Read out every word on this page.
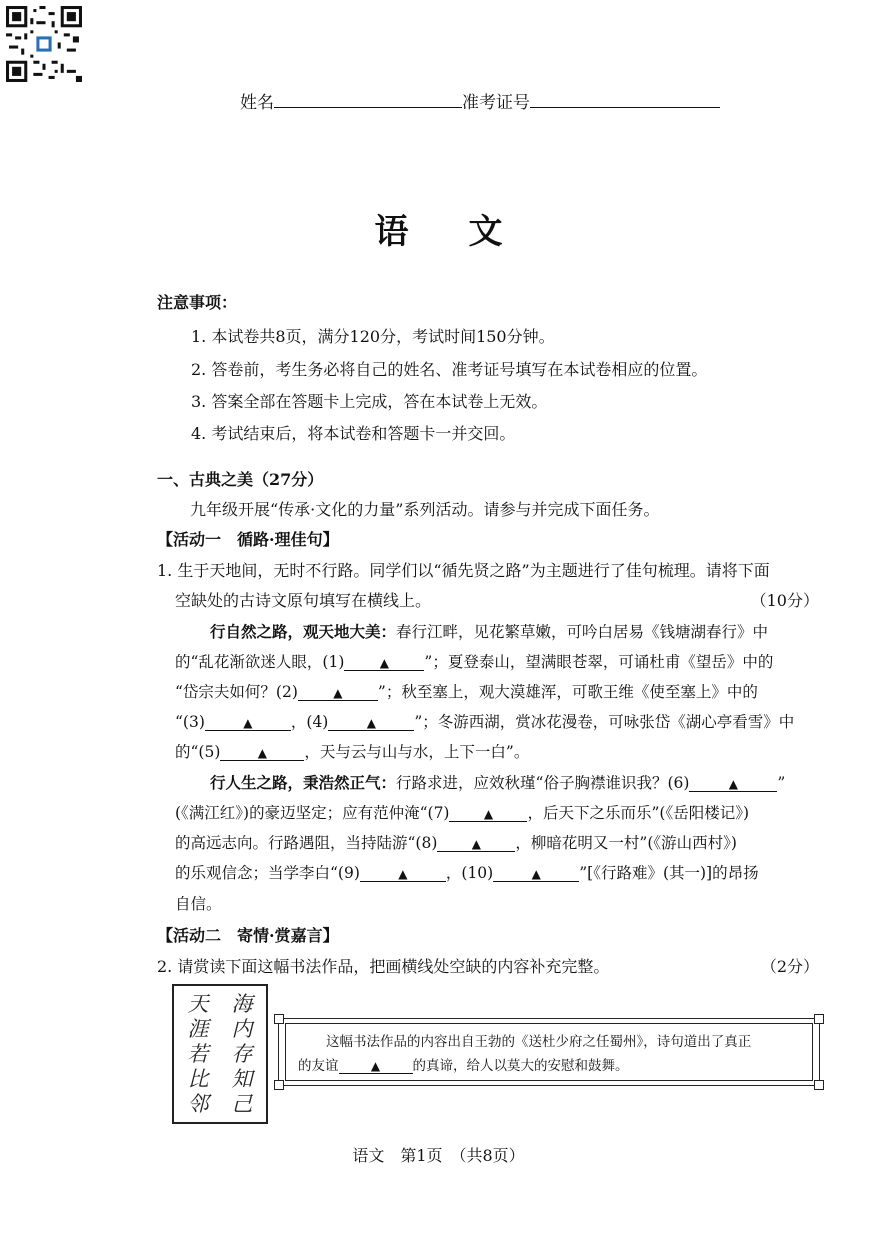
姓名	准考证号
语文
注意事项：
1. 本试卷共8页，满分120分，考试时间150分钟。
2. 答卷前，考生务必将自己的姓名、准考证号填写在本试卷相应的位置。
3. 答案全部在答题卡上完成，答在本试卷上无效。
4. 考试结束后，将本试卷和答题卡一并交回。
一、古典之美（27分）
九年级开展“传承·文化的力量”系列活动。请参与并完成下面任务。
【活动一　循路·理佳句】
1. 生于天地间，无时不行路。同学们以“循先贤之路”为主题进行了佳句梳理。请将下面
空缺处的古诗文原句填写在横线上。	（10分）
行自然之路，观天地大美：春行江畔，见花繁草嫩，可吟白居易《钱塘湖春行》中
的“乱花渐欲迷人眼，(1)	▲ ”；夏登泰山，望满眼苍翠，可诵杜甫《望岳》中的
“岱宗夫如何？(2)	▲ ”；秋至塞上，观大漠雄浑，可歌王维《使至塞上》中的
“(3)	▲ ，(4)	▲ ”；冬游西湖，赏冰花漫卷，可咏张岱《湖心亭看雪》中
的“(5)	▲ ，天与云与山与水，上下一白”。
行人生之路，秉浩然正气：行路求进，应效秋瑾“俗子胸襟谁识我？(6)	▲	”
(《满江红》)的豪迈坚定；应有范仲淹“(7)	▲ ，后天下之乐而乐”(《岳阳楼记》)
的高远志向。行路遇阻，当持陆游“(8)	▲ ，柳暗花明又一村”(《游山西村》)
的乐观信念；当学李白“(9)	▲ ，(10)	▲ ”[《行路难》(其一)]的昂扬
自信。
【活动二　寄情·赏嘉言】
2. 请赏读下面这幅书法作品，把画横线处空缺的内容补充完整。	（2分）
海
内
存
知
己
天
涯
若
比
邻
这幅书法作品的内容出自王勃的《送杜少府之任蜀州》，诗句道出了真正
的友谊	▲ 的真谛，给人以莫大的安慰和鼓舞。
语文　第1页　（共8页）
